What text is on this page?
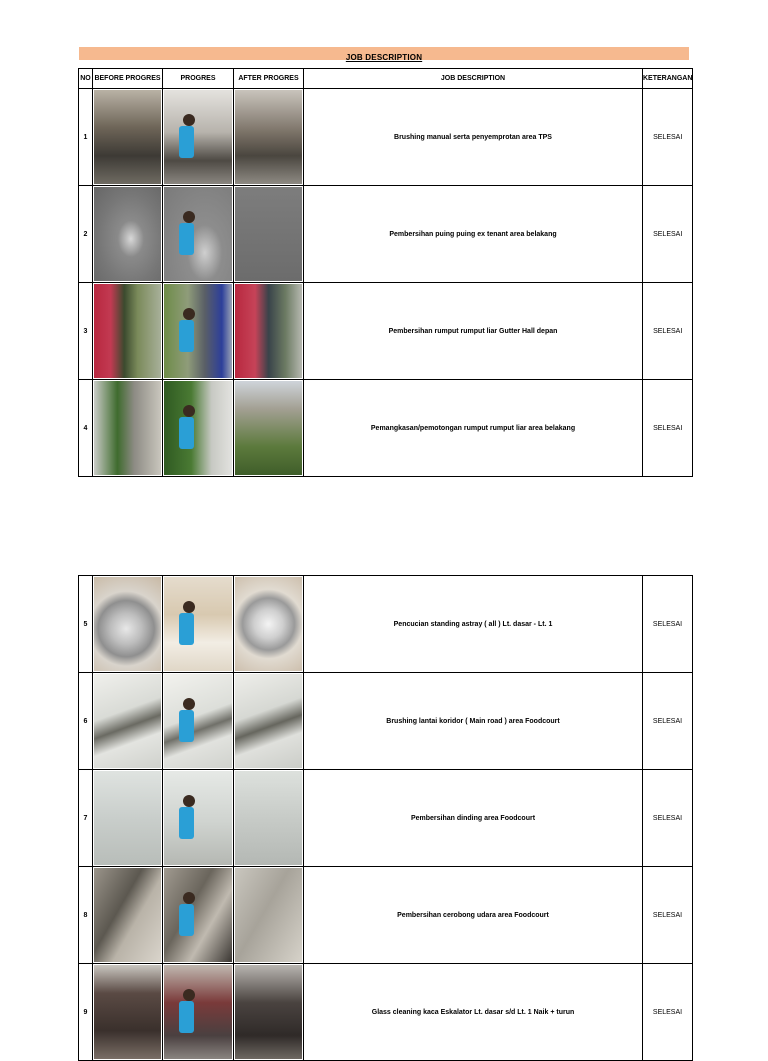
JOB DESCRIPTION
NO	BEFORE PROGRES	PROGRES	AFTER PROGRES	JOB DESCRIPTION	KETERANGAN
1				Brushing manual serta penyemprotan area TPS	SELESAI
2				Pembersihan puing puing ex tenant area belakang	SELESAI
3				Pembersihan rumput rumput liar Gutter Hall depan	SELESAI
4				Pemangkasan/pemotongan rumput rumput liar area belakang	SELESAI
5				Pencucian standing astray ( all ) Lt. dasar - Lt. 1	SELESAI
6				Brushing lantai koridor ( Main road ) area Foodcourt	SELESAI
7				Pembersihan dinding area Foodcourt	SELESAI
8				Pembersihan cerobong udara area Foodcourt	SELESAI
9				Glass cleaning kaca Eskalator Lt. dasar s/d Lt. 1 Naik + turun	SELESAI
